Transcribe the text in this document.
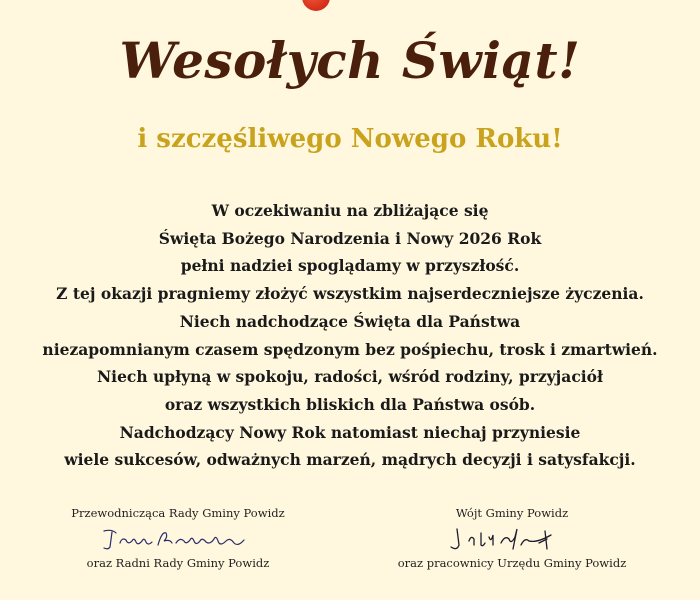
Wesołych Świąt!
i szczęśliwego Nowego Roku!
W oczekiwaniu na zbliżające się
Święta Bożego Narodzenia i Nowy 2026 Rok
pełni nadziei spoglądamy w przyszłość.
Z tej okazji pragniemy złożyć wszystkim najserdeczniejsze życzenia.
Niech nadchodzące Święta dla Państwa
niezapomnianym czasem spędzonym bez pośpiechu, trosk i zmartwień.
Niech upłyną w spokoju, radości, wśród rodziny, przyjaciół
oraz wszystkich bliskich dla Państwa osób.
Nadchodzący Nowy Rok natomiast niechaj przyniesie
wiele sukcesów, odważnych marzeń, mądrych decyzji i satysfakcji.
Przewodnicząca Rady Gminy Powidz
oraz Radni Rady Gminy Powidz
Wójt Gminy Powidz
oraz pracownicy Urzędu Gminy Powidz
